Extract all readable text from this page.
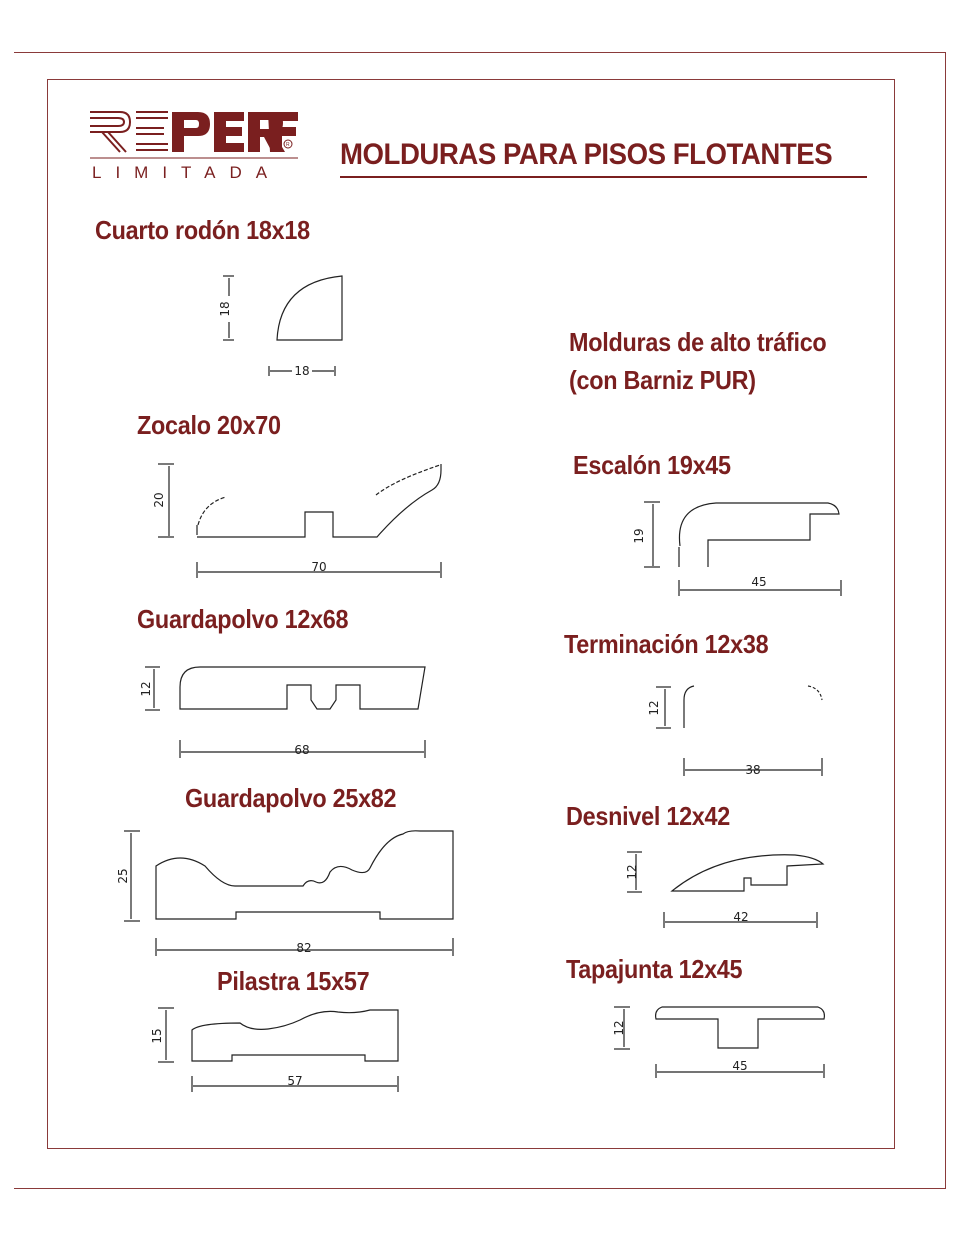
R
LIMITADA
MOLDURAS PARA PISOS FLOTANTES
Cuarto rodón 18x18
Molduras de alto tráfico
(con Barniz PUR)
Zocalo 20x70
Escalón 19x45
Guardapolvo 12x68
Terminación 12x38
Guardapolvo 25x82
Desnivel 12x42
Tapajunta 12x45
Pilastra 15x57
18
18
20
70
12
68
25
82
15
57
19
45
12
38
12
42
12
45
